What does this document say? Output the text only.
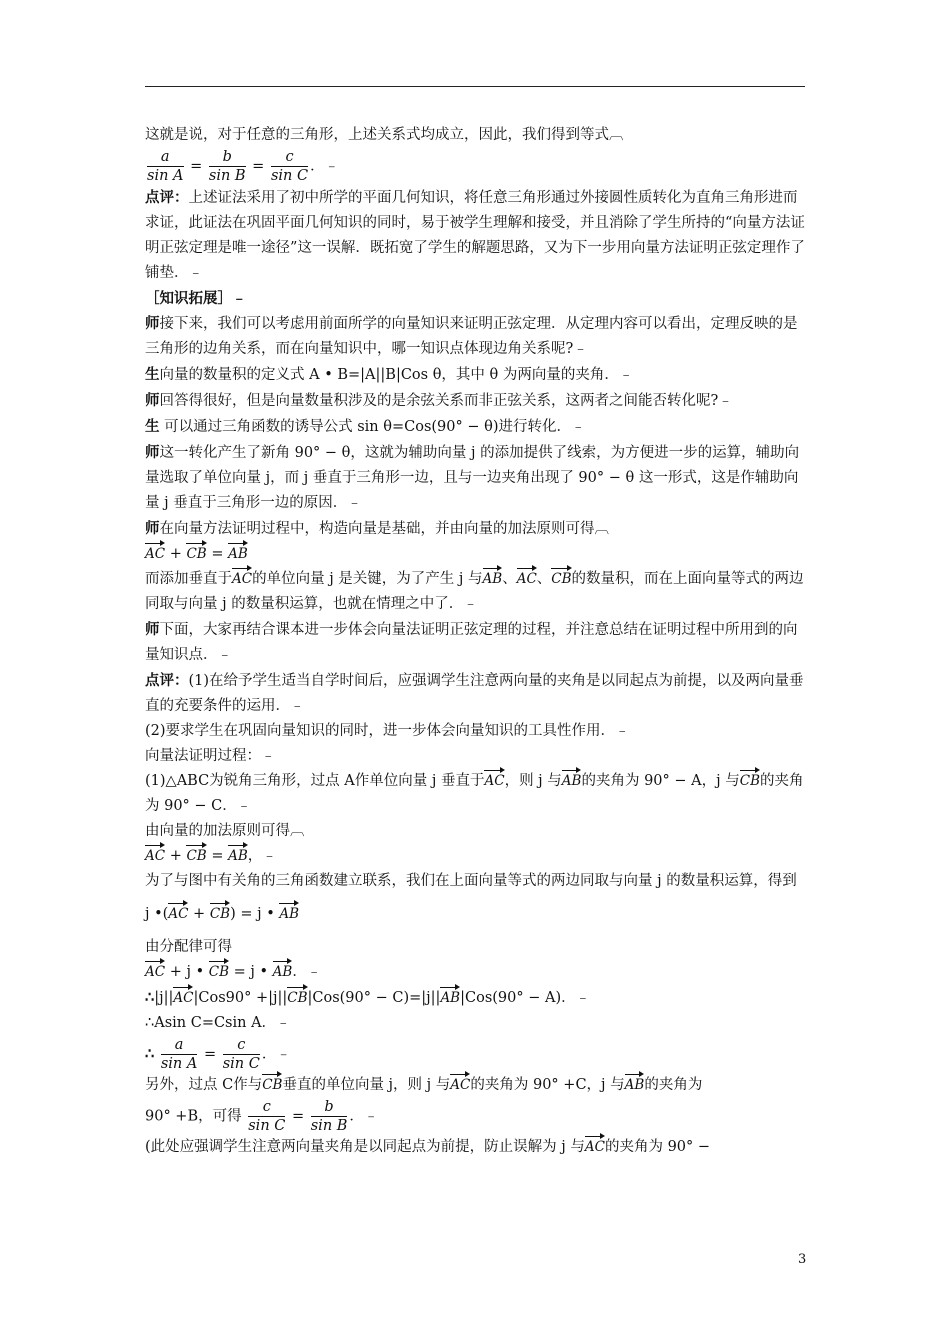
这就是说，对于任意的三角形，上述关系式均成立，因此，我们得到等式︹

$\frac{a}{\text{sin A}} = \frac{b}{\text{sin B}} = \frac{c}{\text{sin C}}$ ．﹣

点评：上述证法采用了初中所学的平面几何知识，将任意三角形通过外接圆性质转化为直角三角形进而求证，此证法在巩固平面几何知识的同时，易于被学生理解和接受，并且消除了学生所持的“向量方法证明正弦定理是唯一途径”这一误解．既拓宽了学生的解题思路，又为下一步用向量方法证明正弦定理作了铺垫．﹣

［知识拓展］﹣

师接下来，我们可以考虑用前面所学的向量知识来证明正弦定理．从定理内容可以看出，定理反映的是三角形的边角关系，而在向量知识中，哪一知识点体现边角关系呢?﹣

生向量的数量积的定义式 A • B=|A||B|Cos θ，其中 θ 为两向量的夹角．﹣

师回答得很好，但是向量数量积涉及的是余弦关系而非正弦关系，这两者之间能否转化呢?﹣

生 可以通过三角函数的诱导公式 sin θ=Cos(90° − θ)进行转化．﹣

师这一转化产生了新角 90° − θ，这就为辅助向量 j 的添加提供了线索，为方便进一步的运算，辅助向量选取了单位向量 j，而 j 垂直于三角形一边，且与一边夹角出现了 90° − θ 这一形式，这是作辅助向量 j 垂直于三角形一边的原因．﹣

师在向量方法证明过程中，构造向量是基础，并由向量的加法原则可得︹

AC + CB = AB

而添加垂直于AC的单位向量 j 是关键，为了产生 j 与AB、AC、CB的数量积，而在上面向量等式的两边同取与向量 j 的数量积运算，也就在情理之中了．﹣

师下面，大家再结合课本进一步体会向量法证明正弦定理的过程，并注意总结在证明过程中所用到的向量知识点．﹣

点评：(1)在给予学生适当自学时间后，应强调学生注意两向量的夹角是以同起点为前提，以及两向量垂直的充要条件的运用．﹣

(2)要求学生在巩固向量知识的同时，进一步体会向量知识的工具性作用．﹣

向量法证明过程：﹣

(1)△ABC为锐角三角形，过点 A作单位向量 j 垂直于AC，则 j 与AB的夹角为 90° − A，j 与CB的夹角为 90° − C．﹣

由向量的加法原则可得︹

AC + CB = AB，﹣

为了与图中有关角的三角函数建立联系，我们在上面向量等式的两边同取与向量 j 的数量积运算，得到

j •(AC + CB) = j • AB

由分配律可得

AC + j • CB = j • AB．﹣

∴|j||AC|Cos90° +|j||CB|Cos(90° − C)=|j||AB|Cos(90° − A)．﹣

∴Asin C=Csin A．﹣

∴ $\frac{a}{\text{sin A}} = \frac{c}{\text{sin C}}$ ．﹣

另外，过点 C作与CB垂直的单位向量 j，则 j 与AC的夹角为 90° +C，j 与AB的夹角为

90° +B，可得 $\frac{c}{\text{sin C}} = \frac{b}{\text{sin B}}$ ．﹣

(此处应强调学生注意两向量夹角是以同起点为前提，防止误解为 j 与AC的夹角为 90° −

3
